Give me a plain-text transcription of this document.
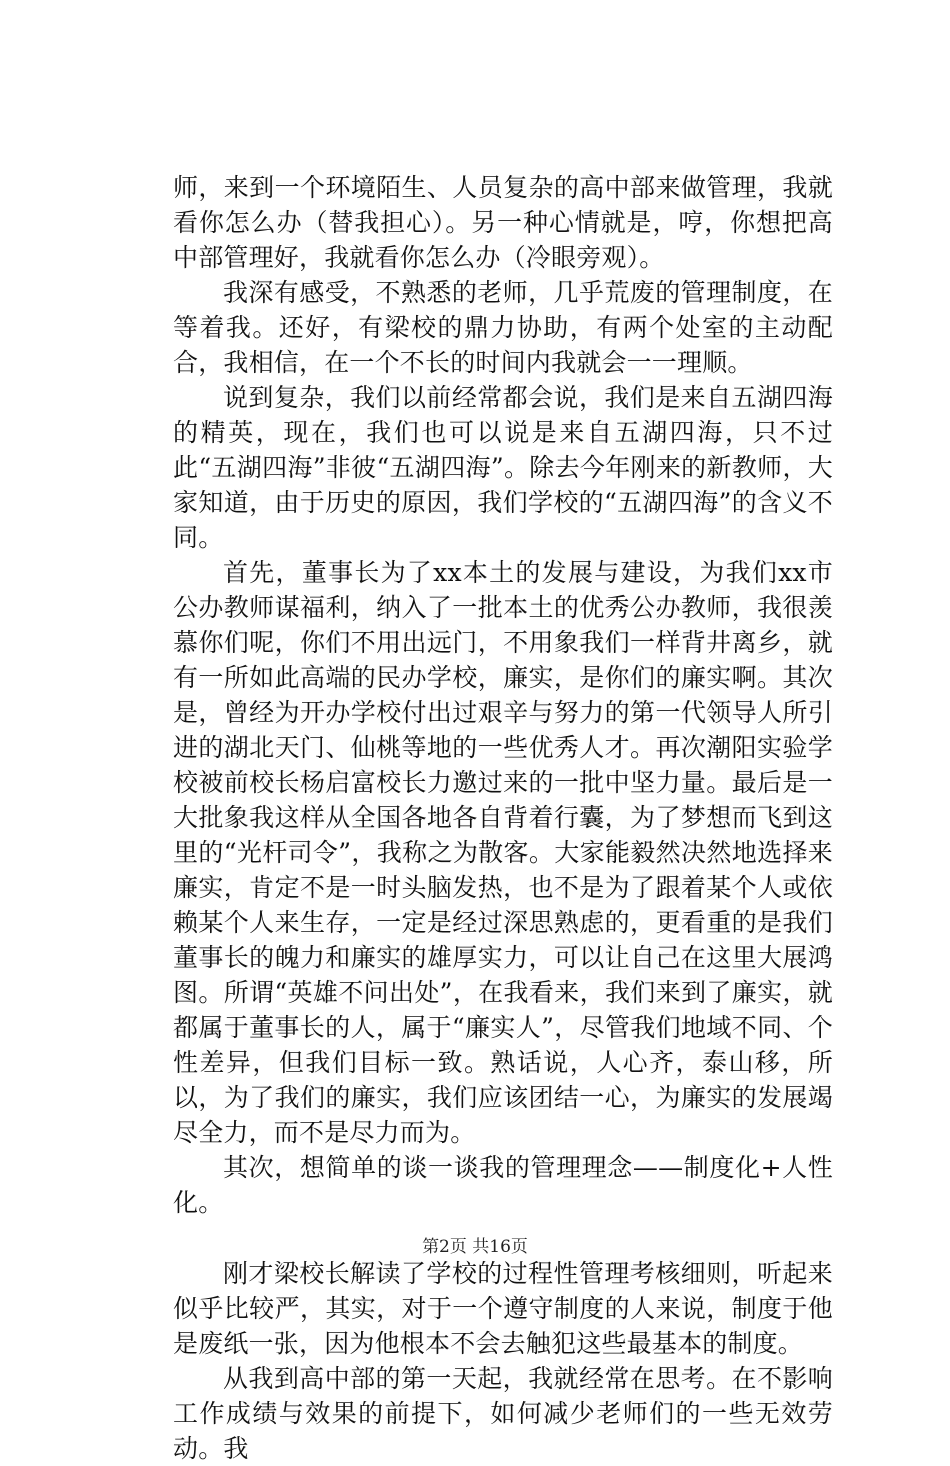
师，来到一个环境陌生、人员复杂的高中部来做管理，我就看你怎么办（替我担心）。另一种心情就是，哼，你想把高中部管理好，我就看你怎么办（冷眼旁观）。

我深有感受，不熟悉的老师，几乎荒废的管理制度，在等着我。还好，有梁校的鼎力协助，有两个处室的主动配合，我相信，在一个不长的时间内我就会一一理顺。

说到复杂，我们以前经常都会说，我们是来自五湖四海的精英，现在，我们也可以说是来自五湖四海，只不过此“五湖四海”非彼“五湖四海”。除去今年刚来的新教师，大家知道，由于历史的原因，我们学校的“五湖四海”的含义不同。

首先，董事长为了xx本土的发展与建设，为我们xx市公办教师谋福利，纳入了一批本土的优秀公办教师，我很羡慕你们呢，你们不用出远门，不用象我们一样背井离乡，就有一所如此高端的民办学校，廉实，是你们的廉实啊。其次是，曾经为开办学校付出过艰辛与努力的第一代领导人所引进的湖北天门、仙桃等地的一些优秀人才。再次潮阳实验学校被前校长杨启富校长力邀过来的一批中坚力量。最后是一大批象我这样从全国各地各自背着行囊，为了梦想而飞到这里的“光杆司令”，我称之为散客。大家能毅然决然地选择来廉实，肯定不是一时头脑发热，也不是为了跟着某个人或依赖某个人来生存，一定是经过深思熟虑的，更看重的是我们董事长的魄力和廉实的雄厚实力，可以让自己在这里大展鸿图。所谓“英雄不问出处”，在我看来，我们来到了廉实，就都属于董事长的人，属于“廉实人”，尽管我们地域不同、个性差异，但我们目标一致。熟话说，人心齐，泰山移，所以，为了我们的廉实，我们应该团结一心，为廉实的发展竭尽全力，而不是尽力而为。

其次，想简单的谈一谈我的管理理念——制度化+人性化。

刚才梁校长解读了学校的过程性管理考核细则，听起来似乎比较严，其实，对于一个遵守制度的人来说，制度于他是废纸一张，因为他根本不会去触犯这些最基本的制度。

从我到高中部的第一天起，我就经常在思考。在不影响工作成绩与效果的前提下，如何减少老师们的一些无效劳动。我

第2页 共16页
